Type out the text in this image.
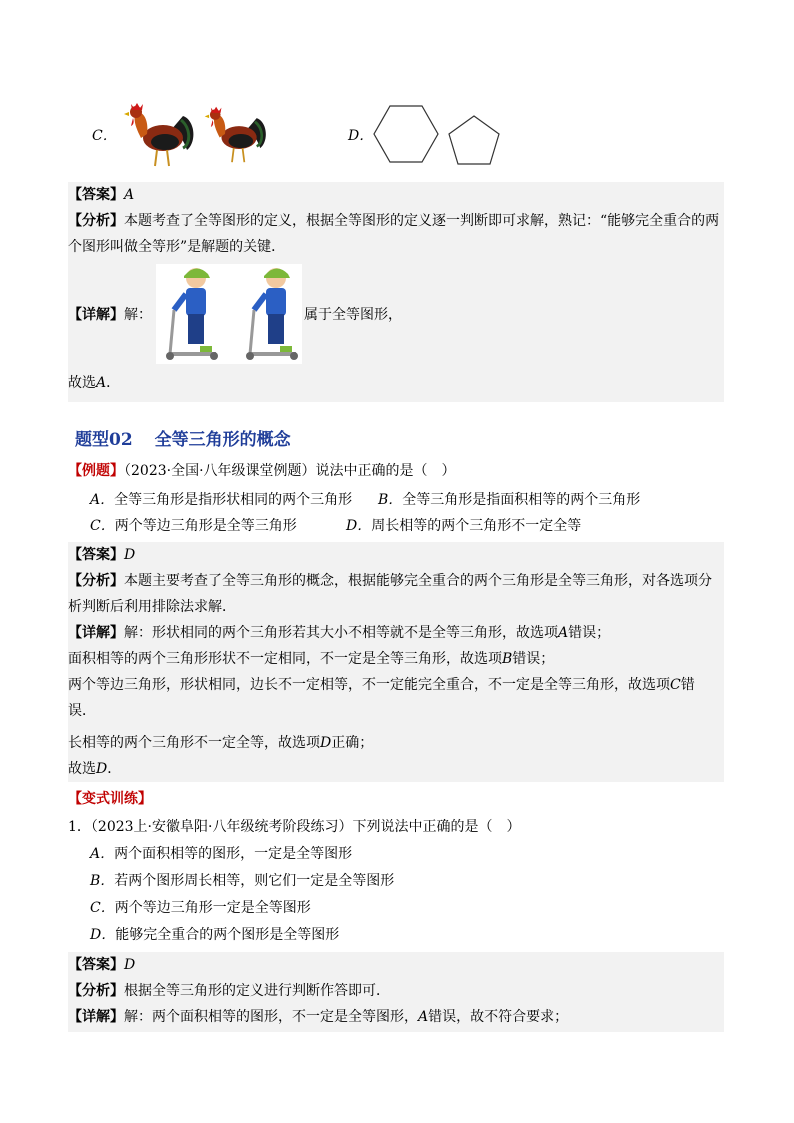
C．	D．
【答案】A
【分析】本题考查了全等图形的定义，根据全等图形的定义逐一判断即可求解，熟记：“能够完全重合的两
个图形叫做全等形”是解题的关键．
【详解】解：	属于全等图形，
故选A．
题型02 全等三角形的概念
【例题】（2023·全国·八年级课堂例题）说法中正确的是（　）
A．全等三角形是指形状相同的两个三角形 B．全等三角形是指面积相等的两个三角形
C．两个等边三角形是全等三角形	D．周长相等的两个三角形不一定全等
【答案】D
【分析】本题主要考查了全等三角形的概念，根据能够完全重合的两个三角形是全等三角形，对各选项分
析判断后利用排除法求解．
【详解】解：形状相同的两个三角形若其大小不相等就不是全等三角形，故选项A错误；
面积相等的两个三角形形状不一定相同，不一定是全等三角形，故选项B错误；
两个等边三角形，形状相同，边长不一定相等，不一定能完全重合，不一定是全等三角形，故选项C错
误．
长相等的两个三角形不一定全等，故选项D正确；
故选D．
【变式训练】
1．（2023上·安徽阜阳·八年级统考阶段练习）下列说法中正确的是（　）
A．两个面积相等的图形，一定是全等图形
B．若两个图形周长相等，则它们一定是全等图形
C．两个等边三角形一定是全等图形
D．能够完全重合的两个图形是全等图形
【答案】D
【分析】根据全等三角形的定义进行判断作答即可．
【详解】解：两个面积相等的图形，不一定是全等图形，A错误，故不符合要求；
